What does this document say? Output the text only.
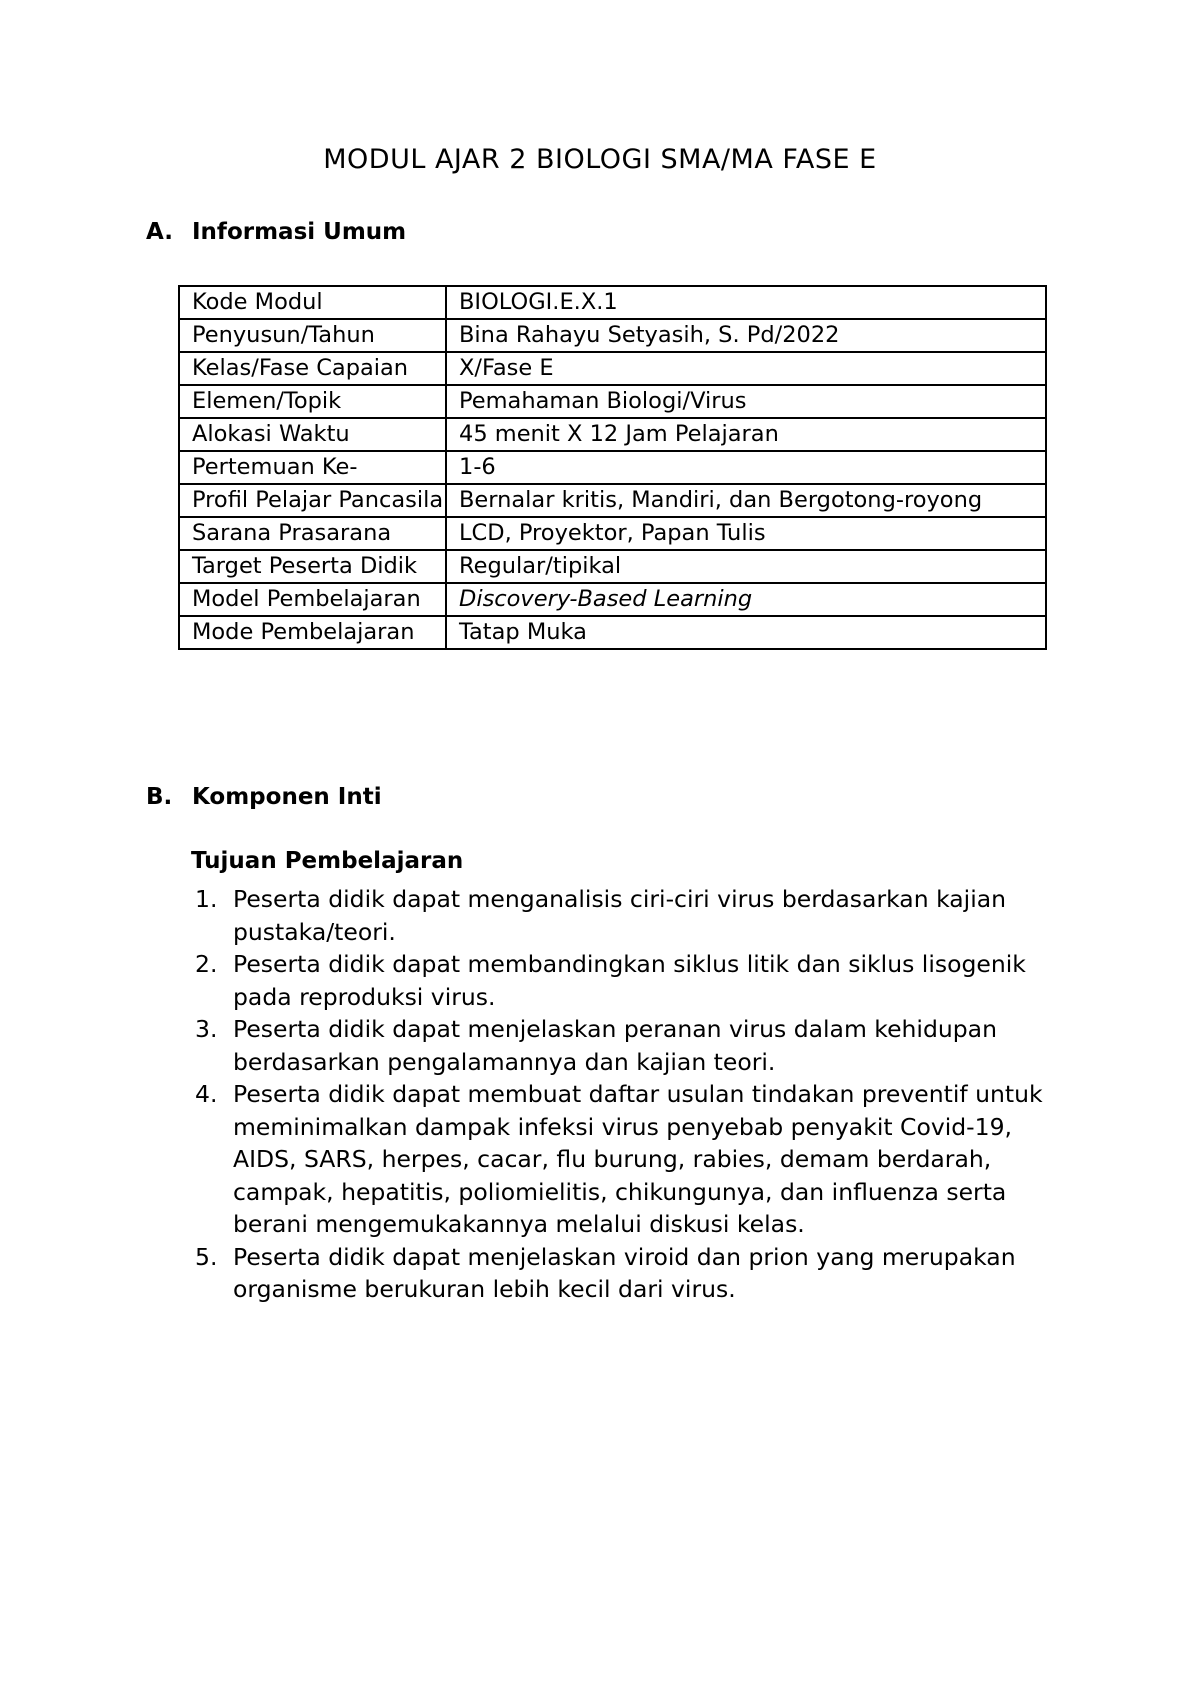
MODUL AJAR 2 BIOLOGI SMA/MA FASE E
A. Informasi Umum
Kode Modul	BIOLOGI.E.X.1
Penyusun/Tahun	Bina Rahayu Setyasih, S. Pd/2022
Kelas/Fase Capaian	X/Fase E
Elemen/Topik	Pemahaman Biologi/Virus
Alokasi Waktu	45 menit X 12 Jam Pelajaran
Pertemuan Ke-	1-6
Profil Pelajar Pancasila	Bernalar kritis, Mandiri, dan Bergotong-royong
Sarana Prasarana	LCD, Proyektor, Papan Tulis
Target Peserta Didik	Regular/tipikal
Model Pembelajaran	Discovery-Based Learning
Mode Pembelajaran	Tatap Muka
B. Komponen Inti
Tujuan Pembelajaran
1. Peserta didik dapat menganalisis ciri-ciri virus berdasarkan kajian pustaka/teori.
2. Peserta didik dapat membandingkan siklus litik dan siklus lisogenik pada reproduksi virus.
3. Peserta didik dapat menjelaskan peranan virus dalam kehidupan berdasarkan pengalamannya dan kajian teori.
4. Peserta didik dapat membuat daftar usulan tindakan preventif untuk meminimalkan dampak infeksi virus penyebab penyakit Covid-19, AIDS, SARS, herpes, cacar, flu burung, rabies, demam berdarah, campak, hepatitis, poliomielitis, chikungunya, dan influenza serta berani mengemukakannya melalui diskusi kelas.
5. Peserta didik dapat menjelaskan viroid dan prion yang merupakan organisme berukuran lebih kecil dari virus.
